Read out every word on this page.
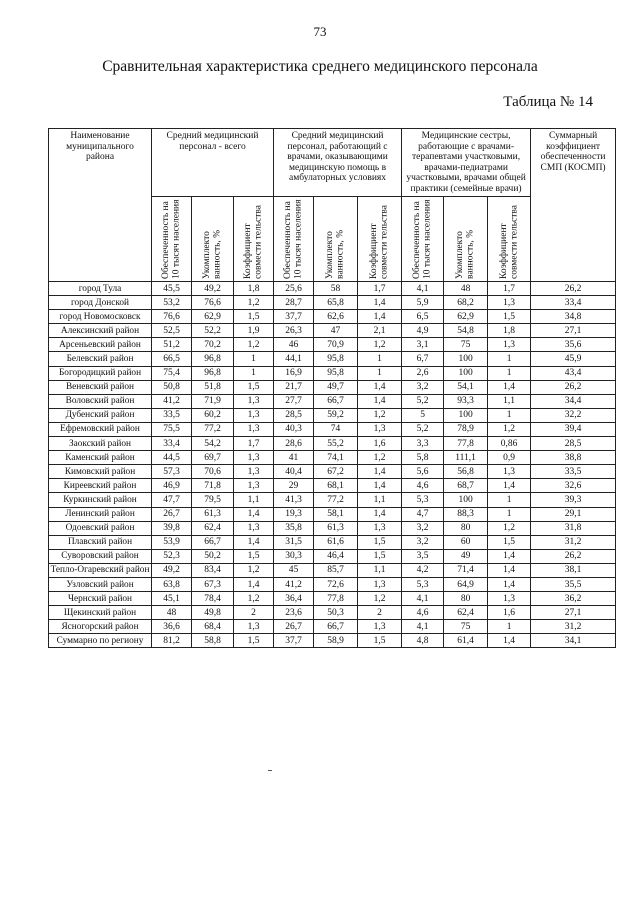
73
Сравнительная характеристика среднего медицинского персонала
Таблица № 14
Наименование муниципального района	Средний медицинский персонал - всего			Средний медицинский персонал, работающий с врачами, оказывающими медицинскую помощь в амбулаторных условиях			Медицинские сестры, работающие с врачами-терапевтами участковыми, врачами-педиатрами участковыми, врачами общей практики (семейные врачи)			Суммарный коэффициент обеспеченности СМП (КОСМП)

	Обеспеченность на 10 тысяч населения	Укомплекто ванность, %	Коэффициент совмести тельства	Обеспеченность на 10 тысяч населения	Укомплекто ванность, %	Коэффициент совмести тельства	Обеспеченность на 10 тысяч населения	Укомплекто ванность, %	Коэффициент совмести тельства	

город Тула	45,5	49,2	1,8	25,6	58	1,7	4,1	48	1,7	26,2
город Донской	53,2	76,6	1,2	28,7	65,8	1,4	5,9	68,2	1,3	33,4
город Новомосковск	76,6	62,9	1,5	37,7	62,6	1,4	6,5	62,9	1,5	34,8
Алексинский район	52,5	52,2	1,9	26,3	47	2,1	4,9	54,8	1,8	27,1
Арсеньевский район	51,2	70,2	1,2	46	70,9	1,2	3,1	75	1,3	35,6
Белевский район	66,5	96,8	1	44,1	95,8	1	6,7	100	1	45,9
Богородицкий район	75,4	96,8	1	16,9	95,8	1	2,6	100	1	43,4
Веневский район	50,8	51,8	1,5	21,7	49,7	1,4	3,2	54,1	1,4	26,2
Воловский район	41,2	71,9	1,3	27,7	66,7	1,4	5,2	93,3	1,1	34,4
Дубенский район	33,5	60,2	1,3	28,5	59,2	1,2	5	100	1	32,2
Ефремовский район	75,5	77,2	1,3	40,3	74	1,3	5,2	78,9	1,2	39,4
Заокский район	33,4	54,2	1,7	28,6	55,2	1,6	3,3	77,8	0,86	28,5
Каменский район	44,5	69,7	1,3	41	74,1	1,2	5,8	111,1	0,9	38,8
Кимовский район	57,3	70,6	1,3	40,4	67,2	1,4	5,6	56,8	1,3	33,5
Киреевский район	46,9	71,8	1,3	29	68,1	1,4	4,6	68,7	1,4	32,6
Куркинский район	47,7	79,5	1,1	41,3	77,2	1,1	5,3	100	1	39,3
Ленинский район	26,7	61,3	1,4	19,3	58,1	1,4	4,7	88,3	1	29,1
Одоевский район	39,8	62,4	1,3	35,8	61,3	1,3	3,2	80	1,2	31,8
Плавский район	53,9	66,7	1,4	31,5	61,6	1,5	3,2	60	1,5	31,2
Суворовский район	52,3	50,2	1,5	30,3	46,4	1,5	3,5	49	1,4	26,2
Тепло-Огаревский район	49,2	83,4	1,2	45	85,7	1,1	4,2	71,4	1,4	38,1
Узловский район	63,8	67,3	1,4	41,2	72,6	1,3	5,3	64,9	1,4	35,5
Чернский район	45,1	78,4	1,2	36,4	77,8	1,2	4,1	80	1,3	36,2
Щекинский район	48	49,8	2	23,6	50,3	2	4,6	62,4	1,6	27,1
Ясногорский район	36,6	68,4	1,3	26,7	66,7	1,3	4,1	75	1	31,2
Суммарно по региону	81,2	58,8	1,5	37,7	58,9	1,5	4,8	61,4	1,4	34,1
